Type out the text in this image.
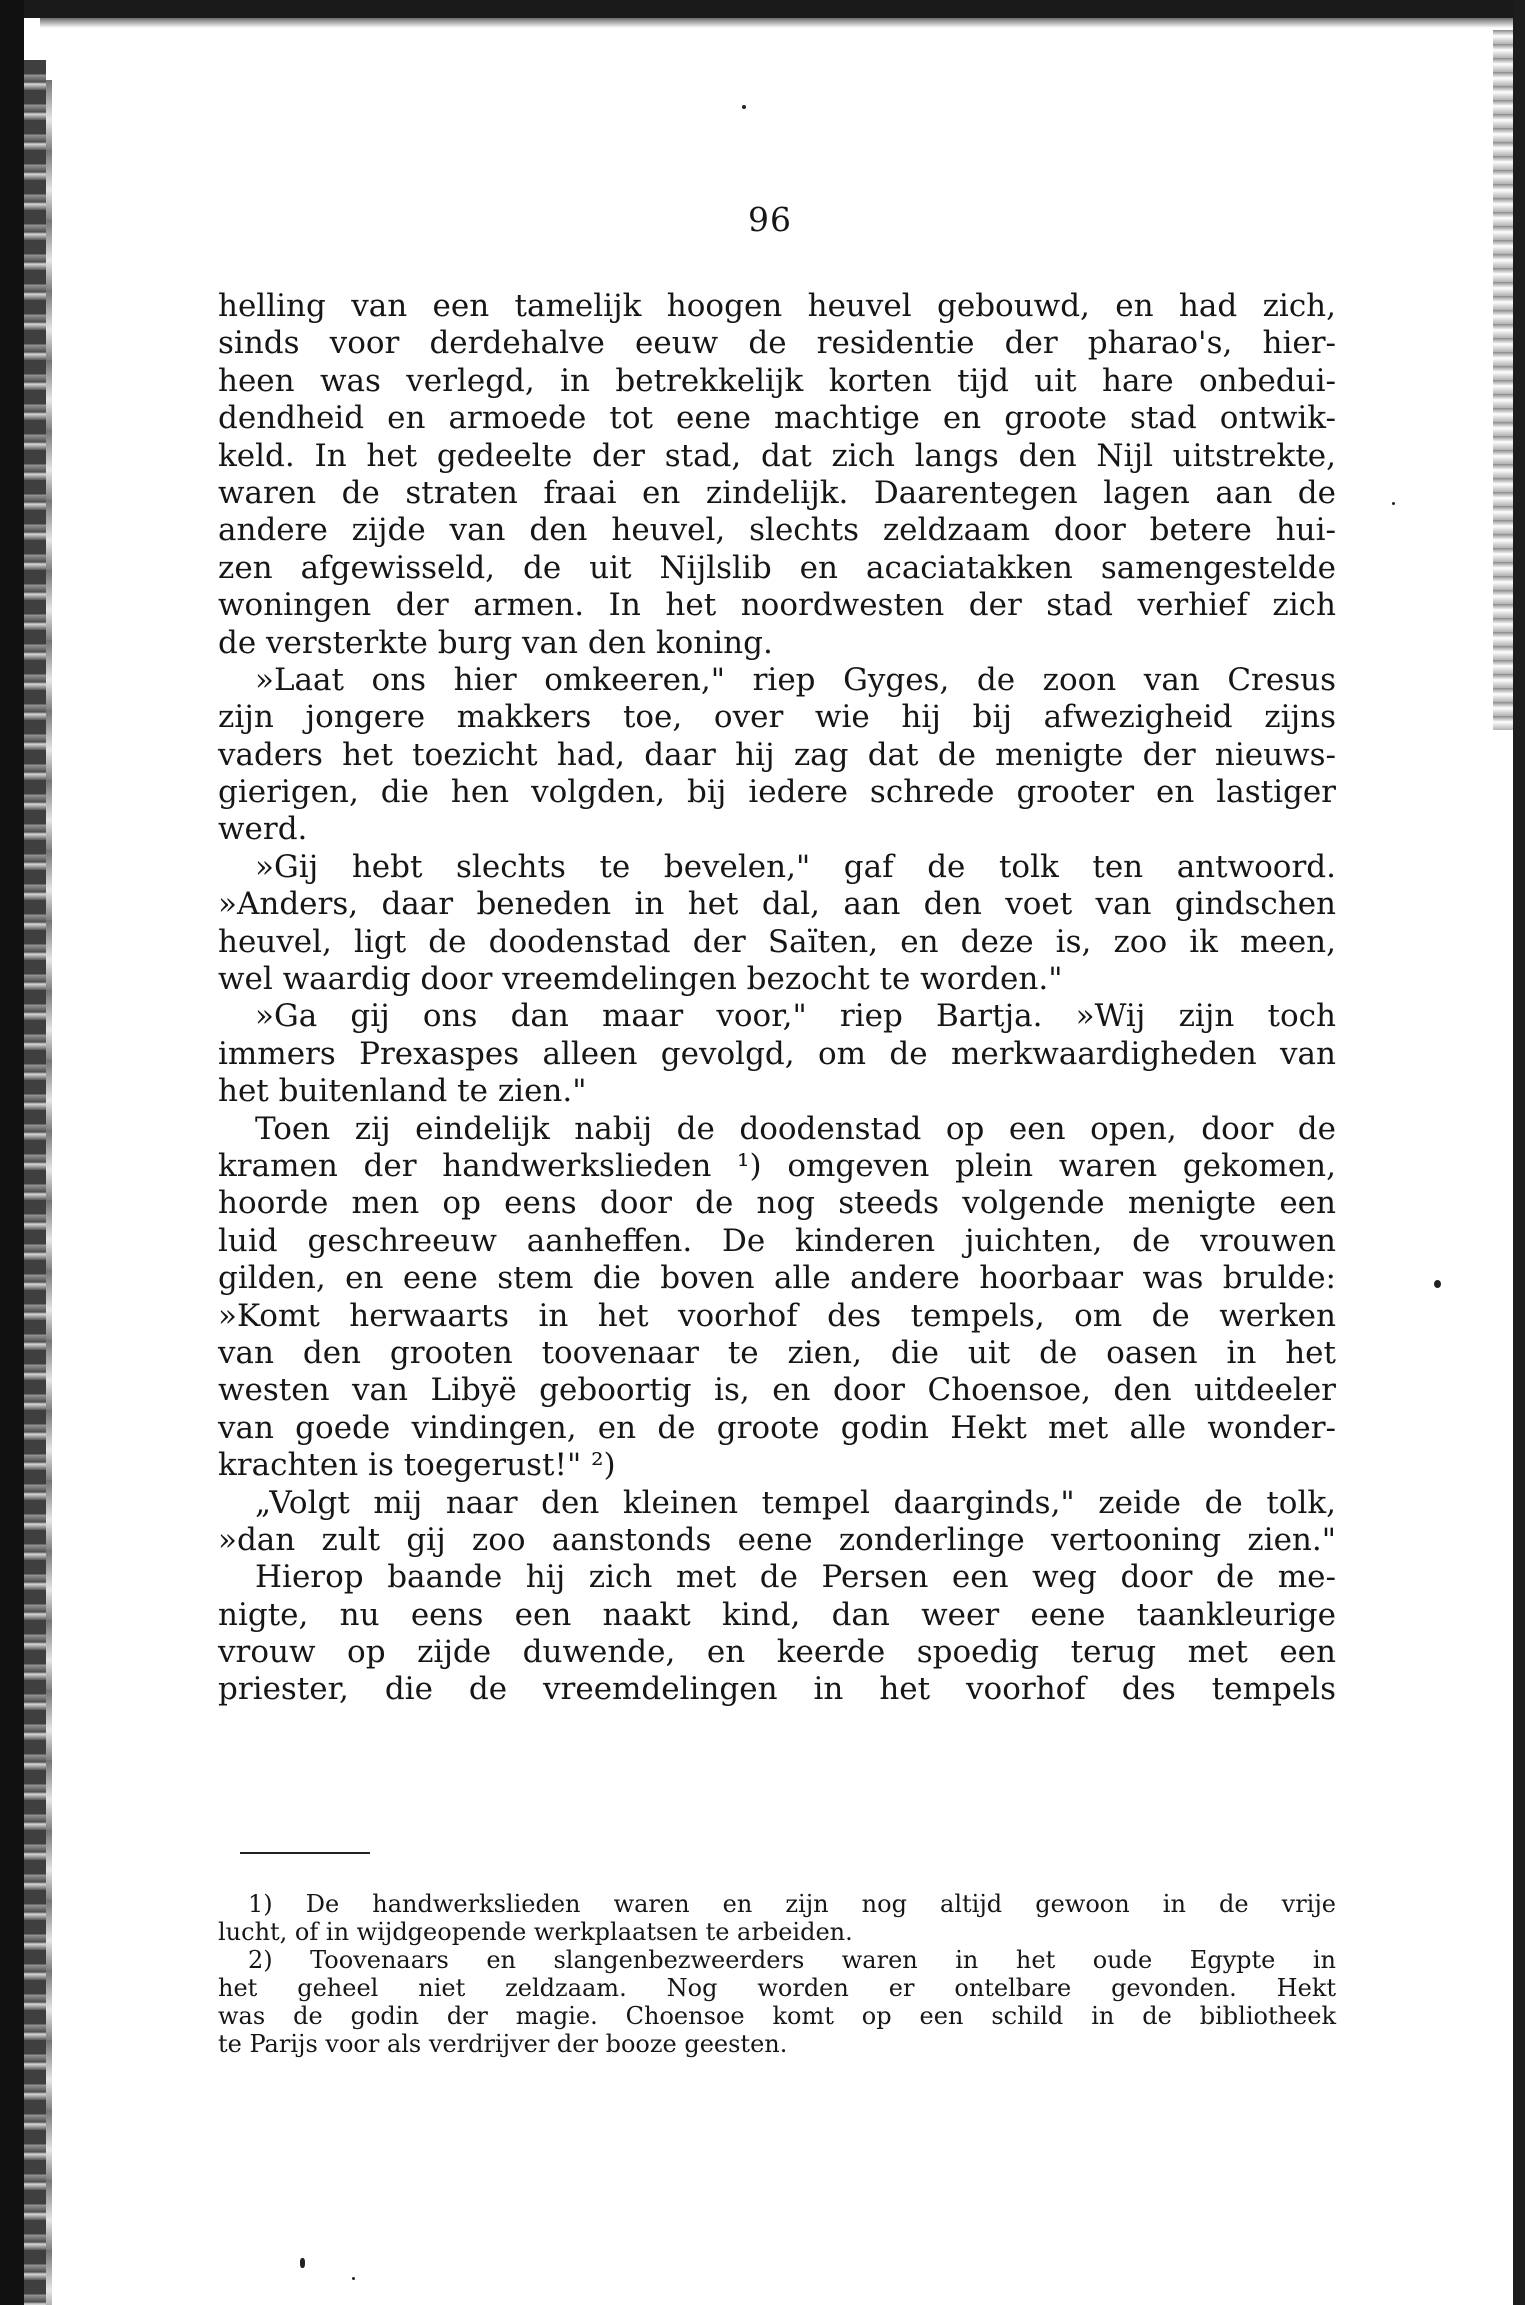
96
helling van een tamelijk hoogen heuvel gebouwd, en had zich,
sinds voor derdehalve eeuw de residentie der pharao's, hier-
heen was verlegd, in betrekkelijk korten tijd uit hare onbedui-
dendheid en armoede tot eene machtige en groote stad ontwik-
keld. In het gedeelte der stad, dat zich langs den Nijl uitstrekte,
waren de straten fraai en zindelijk. Daarentegen lagen aan de
andere zijde van den heuvel, slechts zeldzaam door betere hui-
zen afgewisseld, de uit Nijlslib en acaciatakken samengestelde
woningen der armen. In het noordwesten der stad verhief zich
de versterkte burg van den koning.
»Laat ons hier omkeeren," riep Gyges, de zoon van Cresus
zijn jongere makkers toe, over wie hij bij afwezigheid zijns
vaders het toezicht had, daar hij zag dat de menigte der nieuws-
gierigen, die hen volgden, bij iedere schrede grooter en lastiger
werd.
»Gij hebt slechts te bevelen," gaf de tolk ten antwoord.
»Anders, daar beneden in het dal, aan den voet van gindschen
heuvel, ligt de doodenstad der Saïten, en deze is, zoo ik meen,
wel waardig door vreemdelingen bezocht te worden."
»Ga gij ons dan maar voor," riep Bartja. »Wij zijn toch
immers Prexaspes alleen gevolgd, om de merkwaardigheden van
het buitenland te zien."
Toen zij eindelijk nabij de doodenstad op een open, door de
kramen der handwerkslieden ¹) omgeven plein waren gekomen,
hoorde men op eens door de nog steeds volgende menigte een
luid geschreeuw aanheffen. De kinderen juichten, de vrouwen
gilden, en eene stem die boven alle andere hoorbaar was brulde:
»Komt herwaarts in het voorhof des tempels, om de werken
van den grooten toovenaar te zien, die uit de oasen in het
westen van Libyë geboortig is, en door Choensoe, den uitdeeler
van goede vindingen, en de groote godin Hekt met alle wonder-
krachten is toegerust!" ²)
„Volgt mij naar den kleinen tempel daarginds," zeide de tolk,
»dan zult gij zoo aanstonds eene zonderlinge vertooning zien."
Hierop baande hij zich met de Persen een weg door de me-
nigte, nu eens een naakt kind, dan weer eene taankleurige
vrouw op zijde duwende, en keerde spoedig terug met een
priester, die de vreemdelingen in het voorhof des tempels
1) De handwerkslieden waren en zijn nog altijd gewoon in de vrije
lucht, of in wijdgeopende werkplaatsen te arbeiden.
2) Toovenaars en slangenbezweerders waren in het oude Egypte in
het geheel niet zeldzaam. Nog worden er ontelbare gevonden. Hekt
was de godin der magie. Choensoe komt op een schild in de bibliotheek
te Parijs voor als verdrijver der booze geesten.
